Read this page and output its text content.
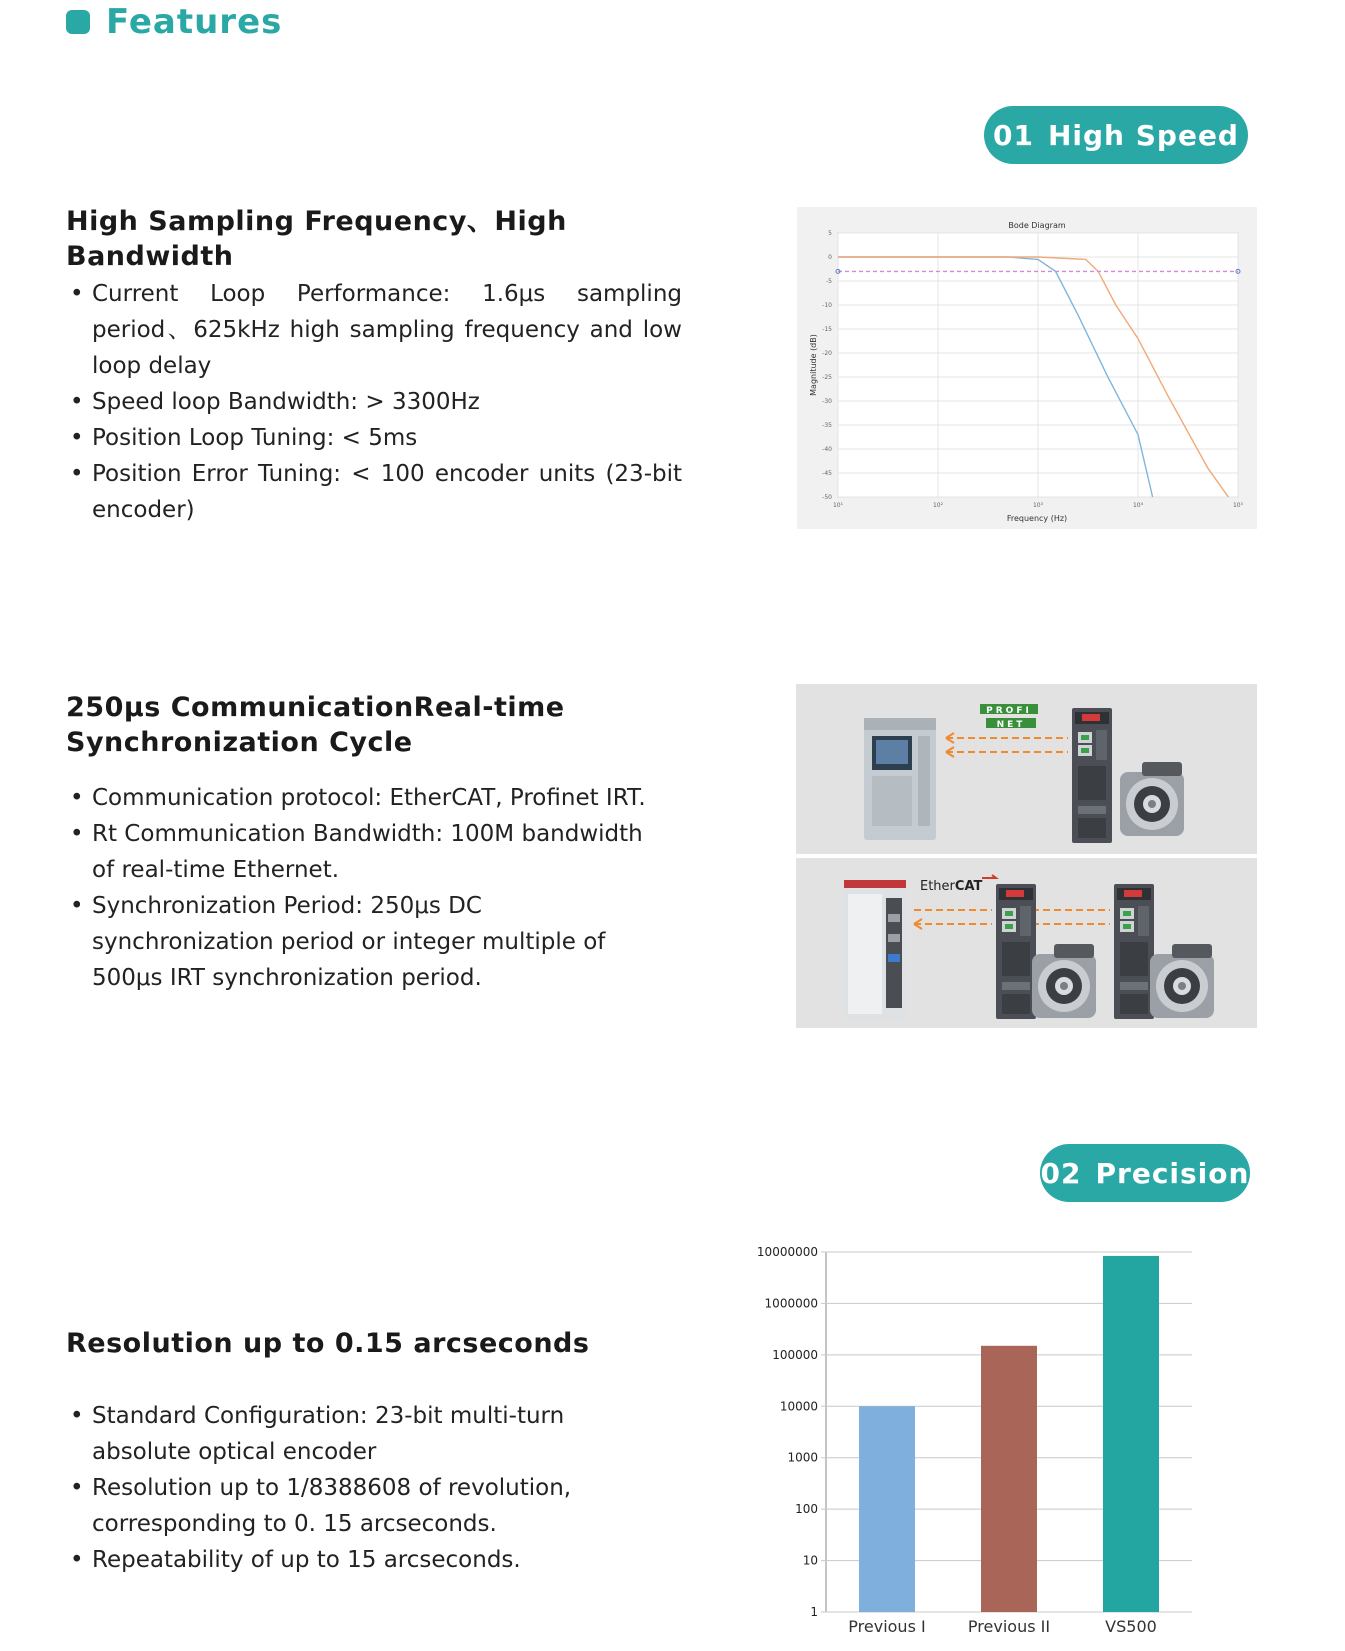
Features
01 High Speed
High Sampling Frequency、High Bandwidth
• Current Loop Performance: 1.6μs sampling period、625kHz high sampling frequency and low loop delay
• Speed loop Bandwidth: > 3300Hz
• Position Loop Tuning: < 5ms
• Position Error Tuning: < 100 encoder units (23-bit encoder)
Bode Diagram
5
0
-5
-10
-15
-20
-25
-30
-35
-40
-45
-50
10¹	10²	10³	10⁴	10⁵
Magnitude (dB)
Frequency (Hz)
250μs CommunicationReal-time
Synchronization Cycle
• Communication protocol: EtherCAT, Profinet IRT.
• Rt Communication Bandwidth: 100M bandwidth of real-time Ethernet.
• Synchronization Period: 250μs DC synchronization period or integer multiple of 500μs IRT synchronization period.
PROFI
NET
EtherCAT
02 Precision
Resolution up to 0.15 arcseconds
• Standard Configuration: 23-bit multi-turn absolute optical encoder
• Resolution up to 1/8388608 of revolution, corresponding to 0. 15 arcseconds.
• Repeatability of up to 15 arcseconds.
1
10
100
1000
10000
100000
1000000
10000000
Previous I	Previous II	VS500
